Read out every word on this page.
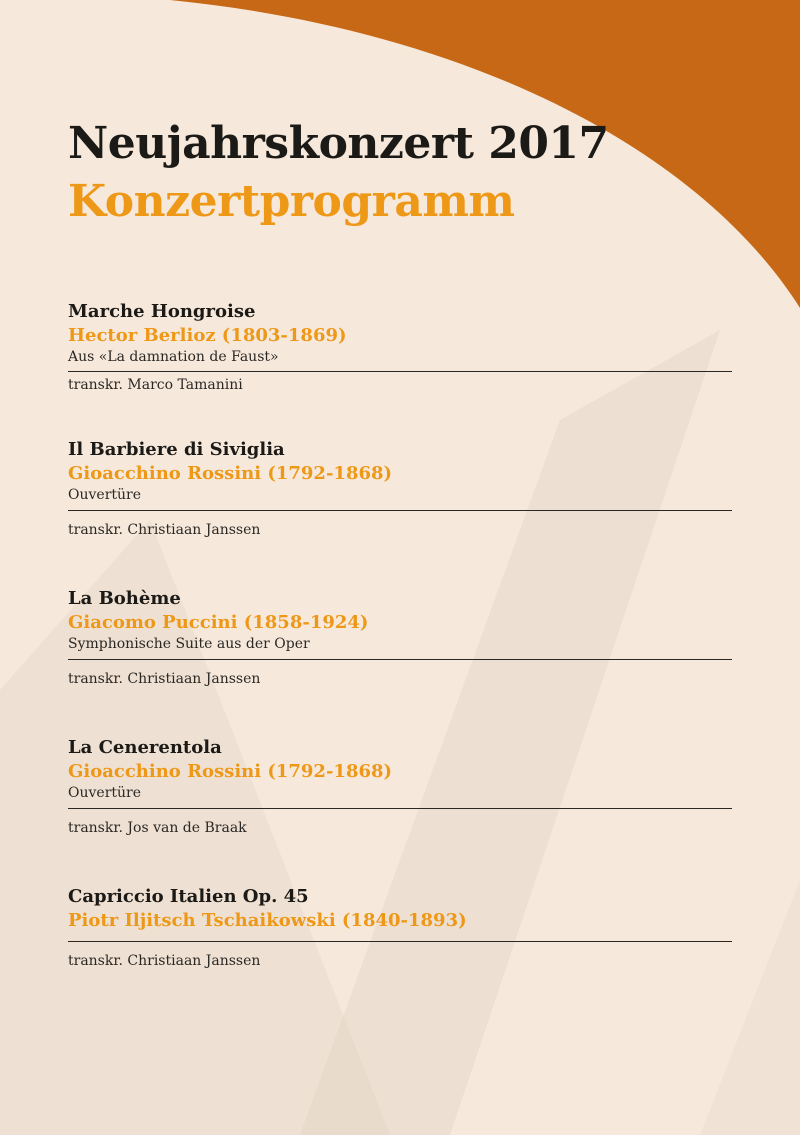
Neujahrskonzert 2017
Konzertprogramm
Marche Hongroise
Hector Berlioz (1803-1869)
Aus «La damnation de Faust»
transkr. Marco Tamanini
Il Barbiere di Siviglia
Gioacchino Rossini (1792-1868)
Ouvertüre
transkr. Christiaan Janssen
La Bohème
Giacomo Puccini (1858-1924)
Symphonische Suite aus der Oper
transkr. Christiaan Janssen
La Cenerentola
Gioacchino Rossini (1792-1868)
Ouvertüre
transkr. Jos van de Braak
Capriccio Italien Op. 45
Piotr Iljitsch Tschaikowski (1840-1893)
transkr. Christiaan Janssen
